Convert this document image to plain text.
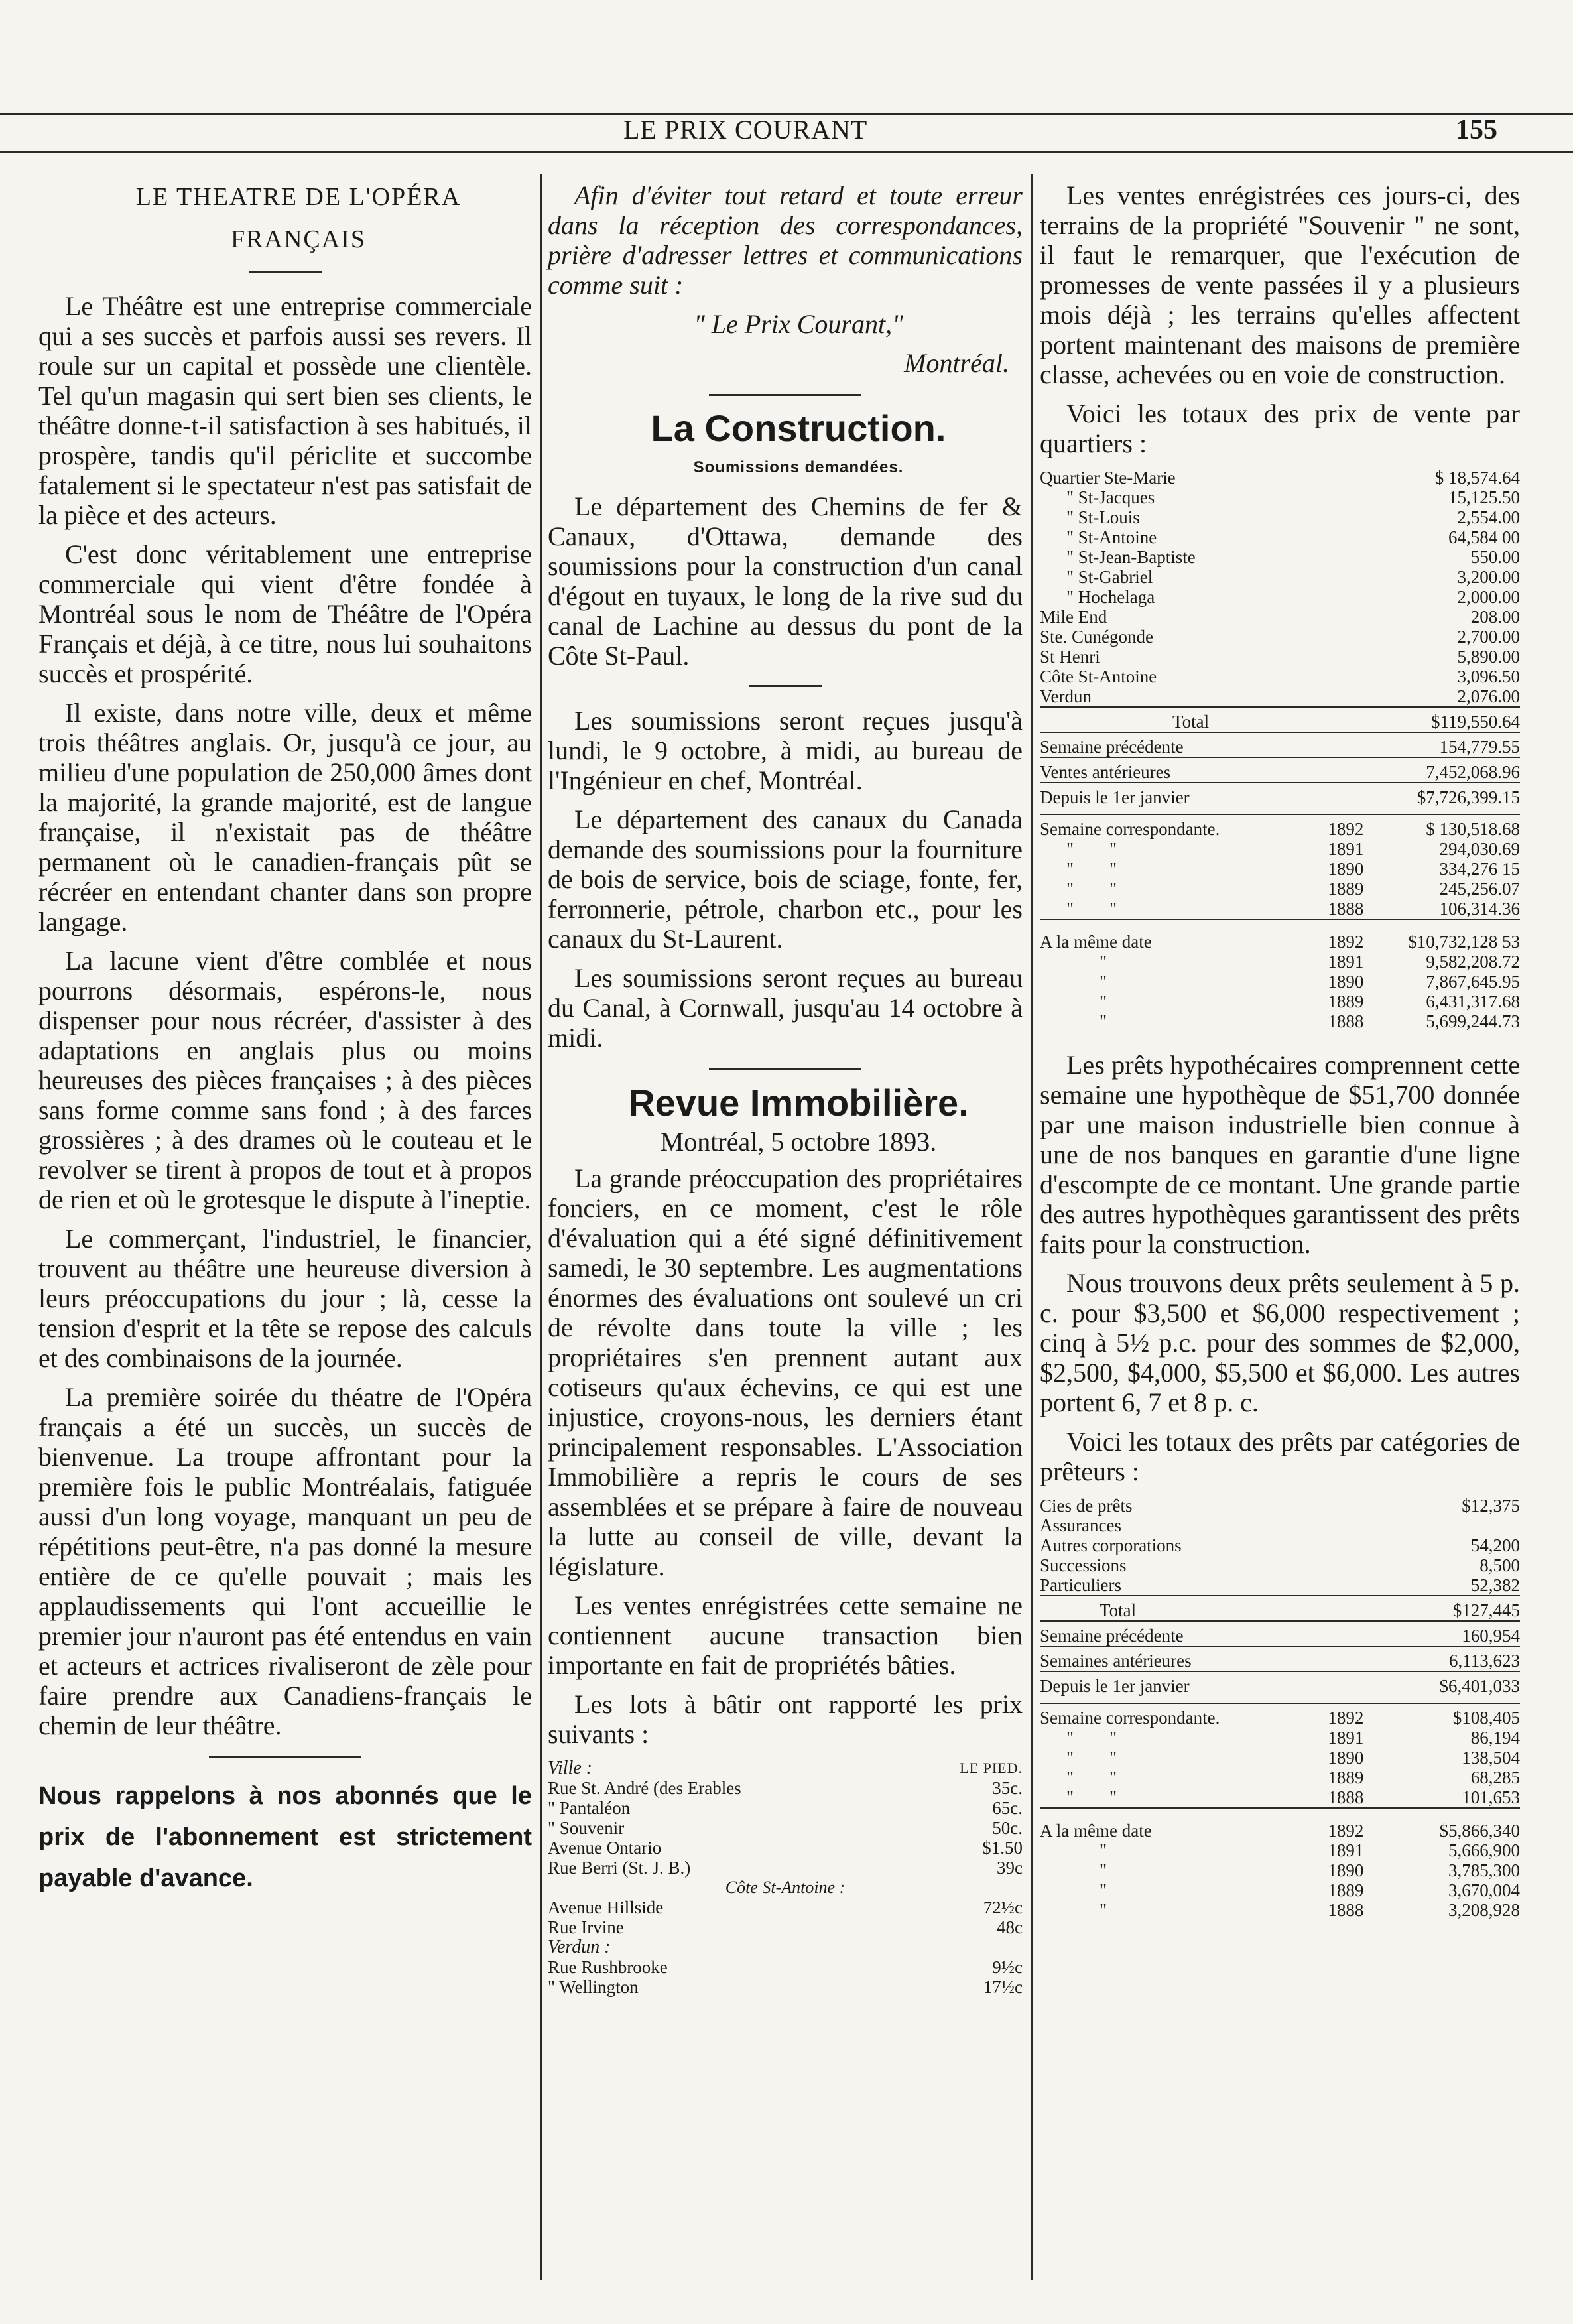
LE PRIX COURANT	155

LE THEATRE DE L'OPÉRA

FRANÇAIS

Le Théâtre est une entreprise commerciale qui a ses succès et parfois aussi ses revers. Il roule sur un capital et possède une clientèle. Tel qu'un magasin qui sert bien ses clients, le théâtre donne-t-il satisfaction à ses habitués, il prospère, tandis qu'il périclite et succombe fatalement si le spectateur n'est pas satisfait de la pièce et des acteurs.

C'est donc véritablement une entreprise commerciale qui vient d'être fondée à Montréal sous le nom de Théâtre de l'Opéra Français et déjà, à ce titre, nous lui souhaitons succès et prospérité.

Il existe, dans notre ville, deux et même trois théâtres anglais. Or, jusqu'à ce jour, au milieu d'une population de 250,000 âmes dont la majorité, la grande majorité, est de langue française, il n'existait pas de théâtre permanent où le canadien-français pût se récréer en entendant chanter dans son propre langage.

La lacune vient d'être comblée et nous pourrons désormais, espérons-le, nous dispenser pour nous récréer, d'assister à des adaptations en anglais plus ou moins heureuses des pièces françaises ; à des pièces sans forme comme sans fond ; à des farces grossières ; à des drames où le couteau et le revolver se tirent à propos de tout et à propos de rien et où le grotesque le dispute à l'ineptie.

Le commerçant, l'industriel, le financier, trouvent au théâtre une heureuse diversion à leurs préoccupations du jour ; là, cesse la tension d'esprit et la tête se repose des calculs et des combinaisons de la journée.

La première soirée du théatre de l'Opéra français a été un succès, un succès de bienvenue. La troupe affrontant pour la première fois le public Montréalais, fatiguée aussi d'un long voyage, manquant un peu de répétitions peut-être, n'a pas donné la mesure entière de ce qu'elle pouvait ; mais les applaudissements qui l'ont accueillie le premier jour n'auront pas été entendus en vain et acteurs et actrices rivaliseront de zèle pour faire prendre aux Canadiens-français le chemin de leur théâtre.

Nous rappelons à nos abonnés que le prix de l'abonnement est strictement payable d'avance.

Afin d'éviter tout retard et toute erreur dans la réception des correspondances, prière d'adresser lettres et communications comme suit :

" Le Prix Courant,"

Montréal.

La Construction.

Soumissions demandées.

Le département des Chemins de fer & Canaux, d'Ottawa, demande des soumissions pour la construction d'un canal d'égout en tuyaux, le long de la rive sud du canal de Lachine au dessus du pont de la Côte St-Paul.

Les soumissions seront reçues jusqu'à lundi, le 9 octobre, à midi, au bureau de l'Ingénieur en chef, Montréal.

Le département des canaux du Canada demande des soumissions pour la fourniture de bois de service, bois de sciage, fonte, fer, ferronnerie, pétrole, charbon etc., pour les canaux du St-Laurent.

Les soumissions seront reçues au bureau du Canal, à Cornwall, jusqu'au 14 octobre à midi.

Revue Immobilière.

Montréal, 5 octobre 1893.

La grande préoccupation des propriétaires fonciers, en ce moment, c'est le rôle d'évaluation qui a été signé définitivement samedi, le 30 septembre. Les augmentations énormes des évaluations ont soulevé un cri de révolte dans toute la ville ; les propriétaires s'en prennent autant aux cotiseurs qu'aux échevins, ce qui est une injustice, croyons-nous, les derniers étant principalement responsables. L'Association Immobilière a repris le cours de ses assemblées et se prépare à faire de nouveau la lutte au conseil de ville, devant la législature.

Les ventes enrégistrées cette semaine ne contiennent aucune transaction bien importante en fait de propriétés bâties.

Les lots à bâtir ont rapporté les prix suivants :

Ville :	LE PIED.
Rue St. André (des Erables	35c.
" Pantaléon	65c.
" Souvenir	50c.
Avenue Ontario	$1.50
Rue Berri (St. J. B.)	39c
Côte St-Antoine :	
Avenue Hillside	72½c
Rue Irvine	48c
Verdun :	
Rue Rushbrooke	9½c
" Wellington	17½c

Les ventes enrégistrées ces jours-ci, des terrains de la propriété "Souvenir " ne sont, il faut le remarquer, que l'exécution de promesses de vente passées il y a plusieurs mois déjà ; les terrains qu'elles affectent portent maintenant des maisons de première classe, achevées ou en voie de construction.

Voici les totaux des prix de vente par quartiers :

Quartier Ste-Marie	$ 18,574.64
" St-Jacques	15,125.50
" St-Louis	2,554.00
" St-Antoine	64,584 00
" St-Jean-Baptiste	550.00
" St-Gabriel	3,200.00
" Hochelaga	2,000.00
Mile End	208.00
Ste. Cunégonde	2,700.00
St Henri	5,890.00
Côte St-Antoine	3,096.50
Verdun	2,076.00
Total	$119,550.64
Semaine précédente	154,779.55
Ventes antérieures	7,452,068.96
Depuis le 1er janvier	$7,726,399.15
Semaine correspondante.	1892	$ 130,518.68
"        "	1891	294,030.69
"        "	1890	334,276 15
"        "	1889	245,256.07
"        "	1888	106,314.36
A la même date	1892	$10,732,128 53
"	1891	9,582,208.72
"	1890	7,867,645.95
"	1889	6,431,317.68
"	1888	5,699,244.73

Les prêts hypothécaires comprennent cette semaine une hypothèque de $51,700 donnée par une maison industrielle bien connue à une de nos banques en garantie d'une ligne d'escompte de ce montant. Une grande partie des autres hypothèques garantissent des prêts faits pour la construction.

Nous trouvons deux prêts seulement à 5 p. c. pour $3,500 et $6,000 respectivement ; cinq à 5½ p.c. pour des sommes de $2,000, $2,500, $4,000, $5,500 et $6,000. Les autres portent 6, 7 et 8 p. c.

Voici les totaux des prêts par catégories de prêteurs :

Cies de prêts	$12,375
Assurances	
Autres corporations	54,200
Successions	8,500
Particuliers	52,382
Total	$127,445
Semaine précédente	160,954
Semaines antérieures	6,113,623
Depuis le 1er janvier	$6,401,033
Semaine correspondante.	1892	$108,405
"        "	1891	86,194
"        "	1890	138,504
"        "	1889	68,285
"        "	1888	101,653
A la même date	1892	$5,866,340
"	1891	5,666,900
"	1890	3,785,300
"	1889	3,670,004
"	1888	3,208,928
